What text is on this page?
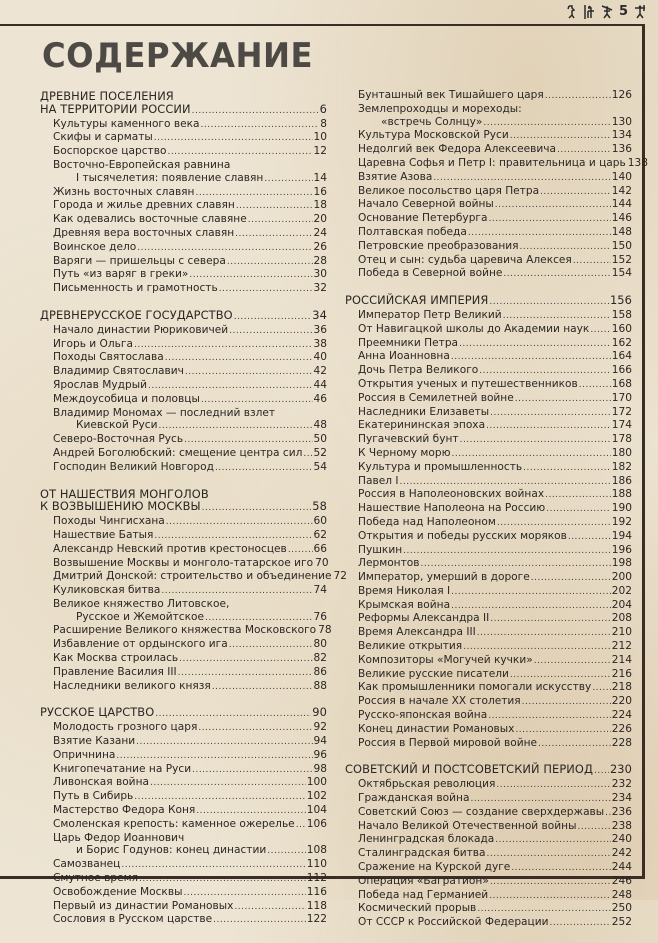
5
СОДЕРЖАНИЕ
ДРЕВНИЕ ПОСЕЛЕНИЯ
НА ТЕРРИТОРИИ РОССИИ .....	6
Культуры каменного века .....	8
Скифы и сарматы .....	10
Боспорское царство .....	12
Восточно-Европейская равнина
I тысячелетия: появление славян .....	14
Жизнь восточных славян .....	16
Города и жилье древних славян .....	18
Как одевались восточные славяне .....	20
Древняя вера восточных славян .....	24
Воинское дело .....	26
Варяги — пришельцы с севера .....	28
Путь «из варяг в греки» .....	30
Письменность и грамотность .....	32
ДРЕВНЕРУССКОЕ ГОСУДАРСТВО .....	34
Начало династии Рюриковичей .....	36
Игорь и Ольга .....	38
Походы Святослава .....	40
Владимир Святославич .....	42
Ярослав Мудрый .....	44
Междоусобица и половцы .....	46
Владимир Мономах — последний взлет
Киевской Руси .....	48
Северо-Восточная Русь .....	50
Андрей Боголюбский: смещение центра сил ..... 52
Господин Великий Новгород .....	54
ОТ НАШЕСТВИЯ МОНГОЛОВ
К ВОЗВЫШЕНИЮ МОСКВЫ .....	58
Походы Чингисхана .....	60
Нашествие Батыя .....	62
Александр Невский против крестоносцев .....	66
Возвышение Москвы и монголо-татарское иго 70
Дмитрий Донской: строительство и объединение 72
Куликовская битва .....	74
Великое княжество Литовское,
Русское и Жемойтское .....	76
Расширение Великого княжества Московского 78
Избавление от ордынского ига .....	80
Как Москва строилась .....	82
Правление Василия III .....	86
Наследники великого князя .....	88
РУССКОЕ ЦАРСТВО .....	90
Молодость грозного царя .....	92
Взятие Казани .....	94
Опричнина .....	96
Книгопечатание на Руси .....	98
Ливонская война .....	100
Путь в Сибирь .....	102
Мастерство Федора Коня .....	104
Смоленская крепость: каменное ожерелье ..... 106
Царь Федор Иоаннович
и Борис Годунов: конец династии .....	108
Самозванец .....	110
Смутное время .....	112
Освобождение Москвы .....	116
Первый из династии Романовых .....	118
Сословия в Русском царстве .....	122
Бунташный век Тишайшего царя .....	126
Землепроходцы и мореходы:
«встречь Солнцу» .....	130
Культура Московской Руси .....	134
Недолгий век Федора Алексеевича .....	136
Царевна Софья и Петр I: правительница и царь 138
Взятие Азова .....	140
Великое посольство царя Петра .....	142
Начало Северной войны .....	144
Основание Петербурга .....	146
Полтавская победа .....	148
Петровские преобразования .....	150
Отец и сын: судьба царевича Алексея .....	152
Победа в Северной войне .....	154
РОССИЙСКАЯ ИМПЕРИЯ .....	156
Император Петр Великий .....	158
От Навигацкой школы до Академии наук ..... 160
Преемники Петра .....	162
Анна Иоанновна .....	164
Дочь Петра Великого .....	166
Открытия ученых и путешественников .....	168
Россия в Семилетней войне .....	170
Наследники Елизаветы .....	172
Екатерининская эпоха .....	174
Пугачевский бунт .....	178
К Черному морю .....	180
Культура и промышленность .....	182
Павел I .....	186
Россия в Наполеоновских войнах .....	188
Нашествие Наполеона на Россию .....	190
Победа над Наполеоном .....	192
Открытия и победы русских моряков .....	194
Пушкин .....	196
Лермонтов .....	198
Император, умерший в дороге .....	200
Время Николая I .....	202
Крымская война .....	204
Реформы Александра II .....	208
Время Александра III .....	210
Великие открытия .....	212
Композиторы «Могучей кучки» .....	214
Великие русские писатели .....	216
Как промышленники помогали искусству ..... 218
Россия в начале XX столетия .....	220
Русско-японская война .....	224
Конец династии Романовых .....	226
Россия в Первой мировой войне .....	228
СОВЕТСКИЙ И ПОСТСОВЕТСКИЙ ПЕРИОД ..... 230
Октябрьская революция .....	232
Гражданская война .....	234
Советский Союз — создание сверхдержавы ..... 236
Начало Великой Отечественной войны .....	238
Ленинградская блокада .....	240
Сталинградская битва .....	242
Сражение на Курской дуге .....	244
Операция «Багратион» .....	246
Победа над Германией .....	248
Космический прорыв .....	250
От СССР к Российской Федерации .....	252
